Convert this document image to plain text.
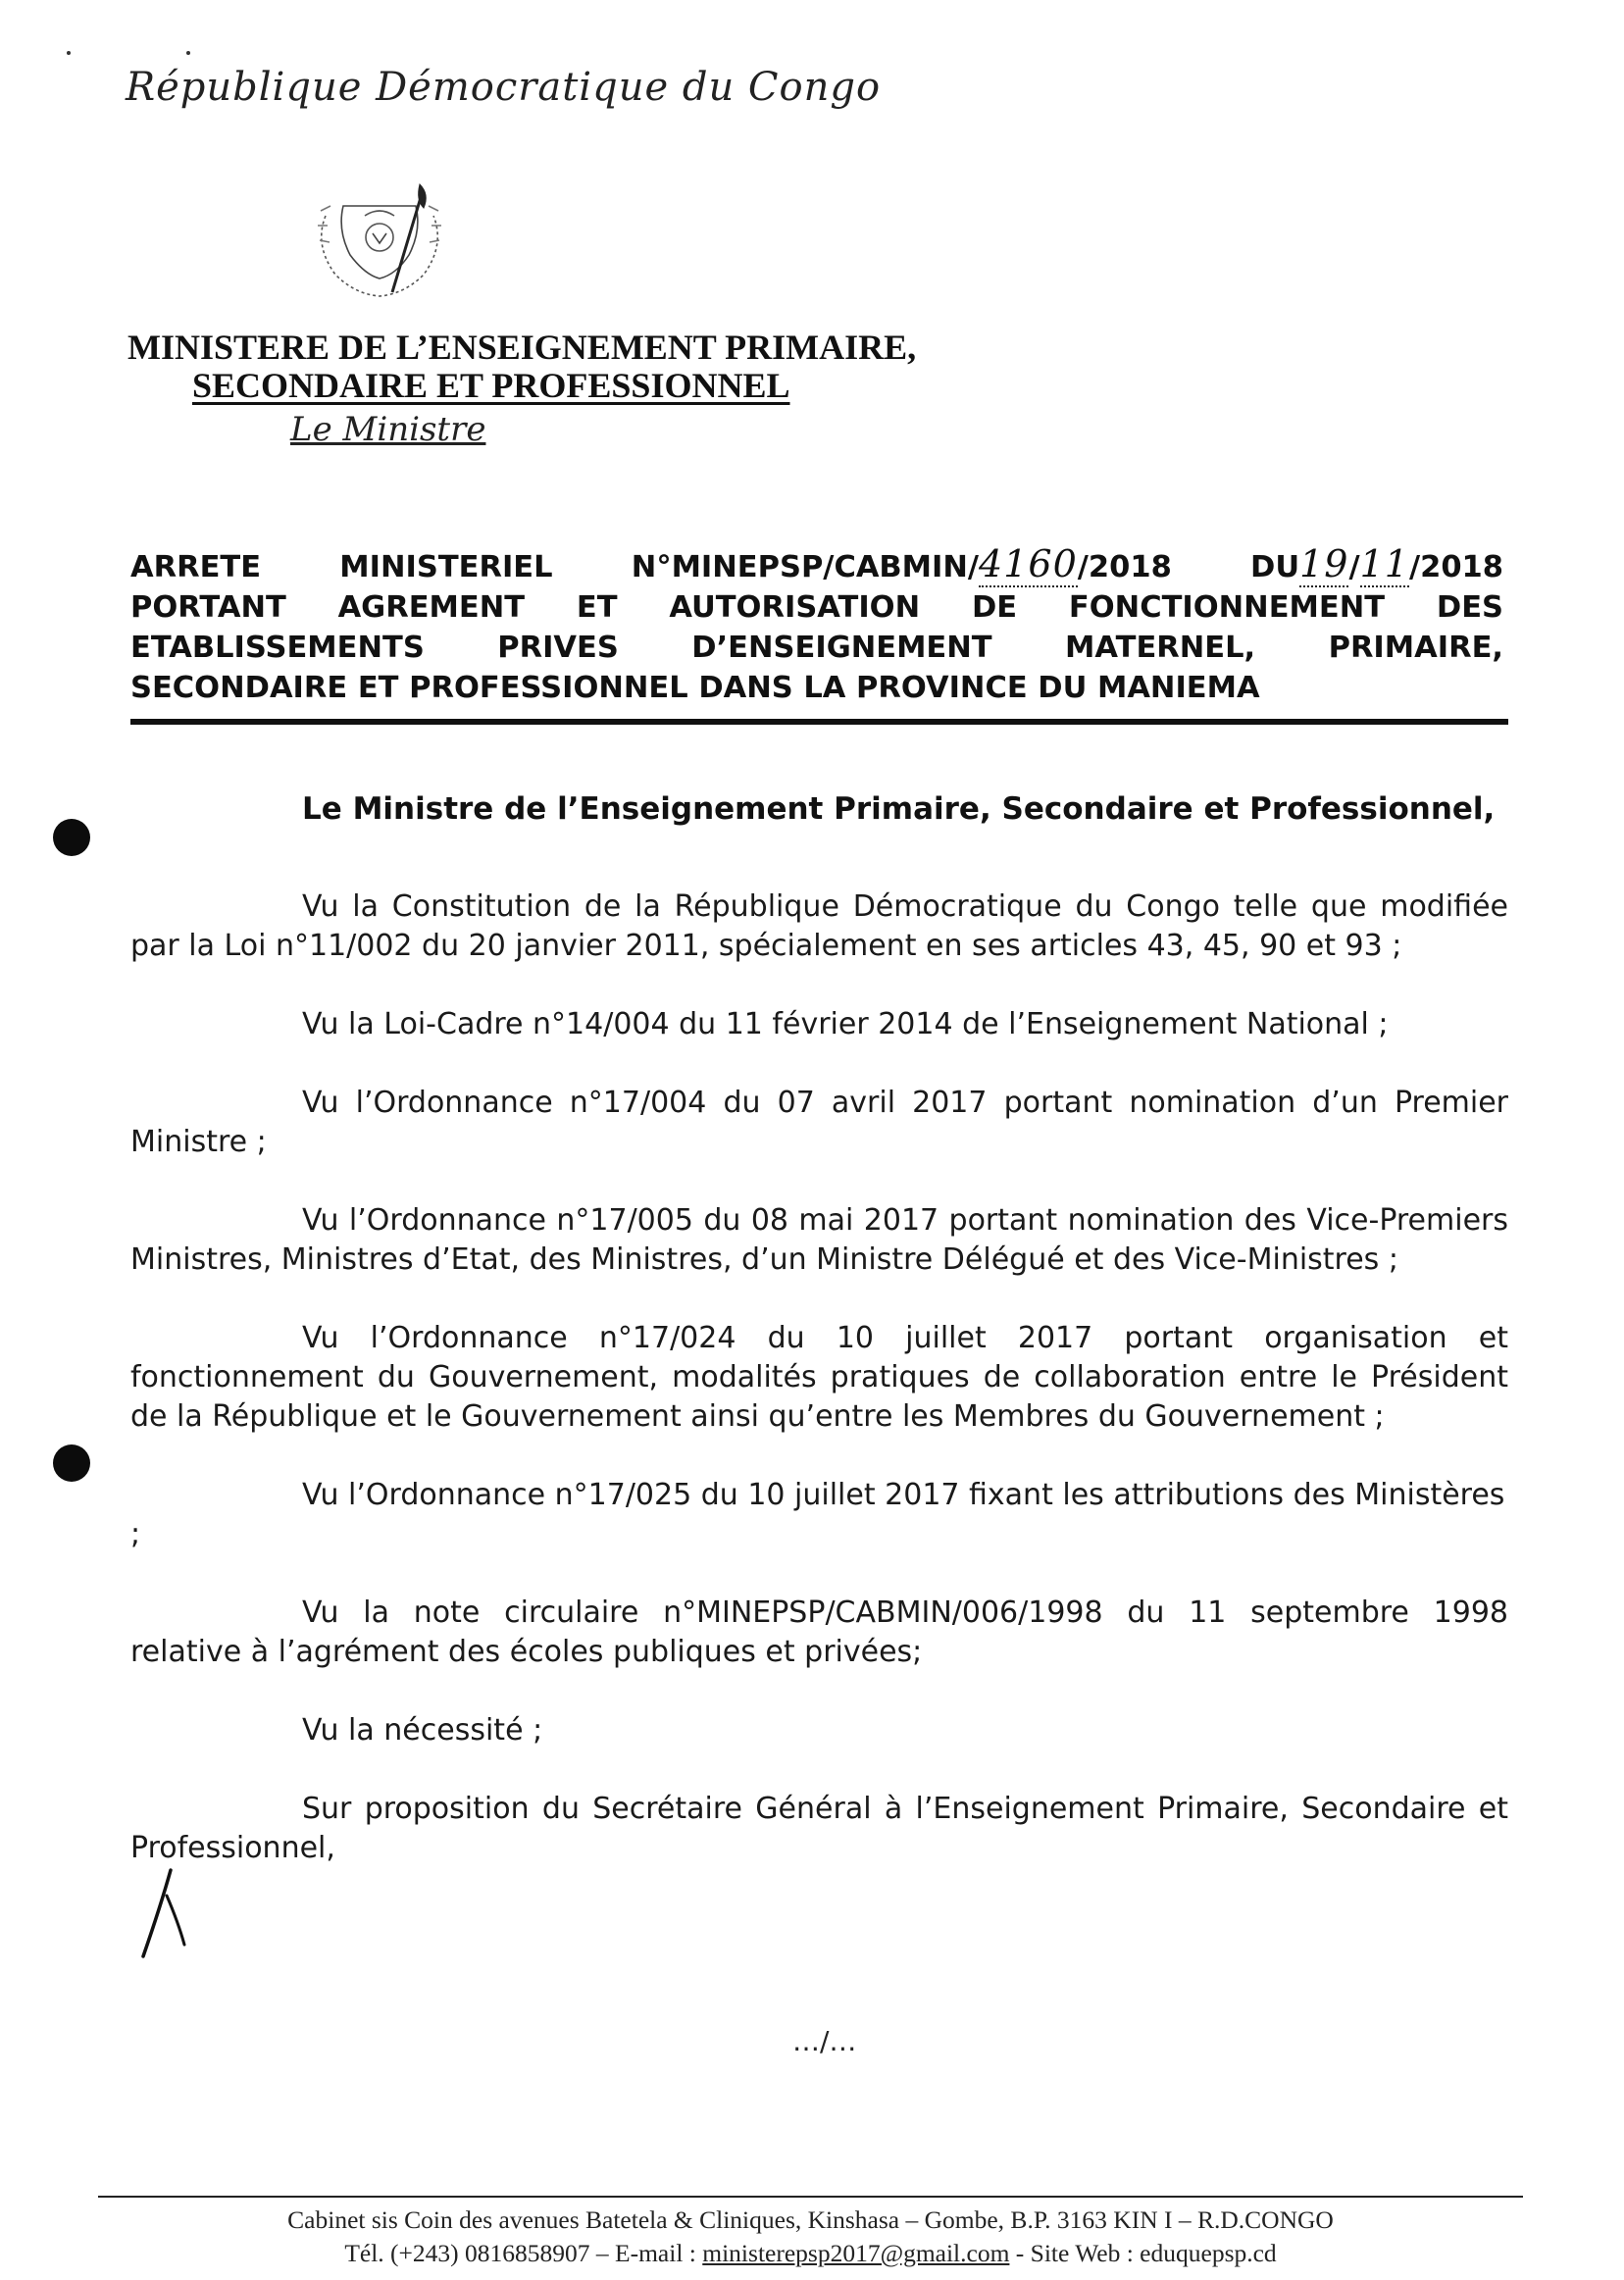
République Démocratique du Congo
MINISTERE DE L’ENSEIGNEMENT PRIMAIRE,
SECONDAIRE ET PROFESSIONNEL
Le Ministre
ARRETE MINISTERIEL N°MINEPSP/CABMIN/4160/2018 DU19/11/2018
PORTANT AGREMENT ET AUTORISATION DE FONCTIONNEMENT DES
ETABLISSEMENTS PRIVES D’ENSEIGNEMENT MATERNEL, PRIMAIRE,
SECONDAIRE ET PROFESSIONNEL DANS LA PROVINCE DU MANIEMA
Le Ministre de l’Enseignement Primaire, Secondaire et Professionnel,

Vu la Constitution de la République Démocratique du Congo telle que modifiée par la Loi n°11/002 du 20 janvier 2011, spécialement en ses articles 43, 45, 90 et 93 ;

Vu la Loi-Cadre n°14/004 du 11 février 2014 de l’Enseignement National ;

Vu l’Ordonnance n°17/004 du 07 avril 2017 portant nomination d’un Premier Ministre ;

Vu l’Ordonnance n°17/005 du 08 mai 2017 portant nomination des Vice-Premiers Ministres, Ministres d’Etat, des Ministres, d’un Ministre Délégué et des Vice-Ministres ;

Vu l’Ordonnance n°17/024 du 10 juillet 2017 portant organisation et fonctionnement du Gouvernement, modalités pratiques de collaboration entre le Président de la République et le Gouvernement ainsi qu’entre les Membres du Gouvernement ;

Vu l’Ordonnance n°17/025 du 10 juillet 2017 fixant les attributions des Ministères ;

Vu la note circulaire n°MINEPSP/CABMIN/006/1998 du 11 septembre 1998 relative à l’agrément des écoles publiques et privées;

Vu la nécessité ;

Sur proposition du Secrétaire Général à l’Enseignement Primaire, Secondaire et Professionnel,

…/…
Cabinet sis Coin des avenues Batetela & Cliniques, Kinshasa – Gombe, B.P. 3163 KIN I – R.D.CONGO
Tél. (+243) 0816858907 – E-mail : ministerepsp2017@gmail.com - Site Web : eduquepsp.cd
